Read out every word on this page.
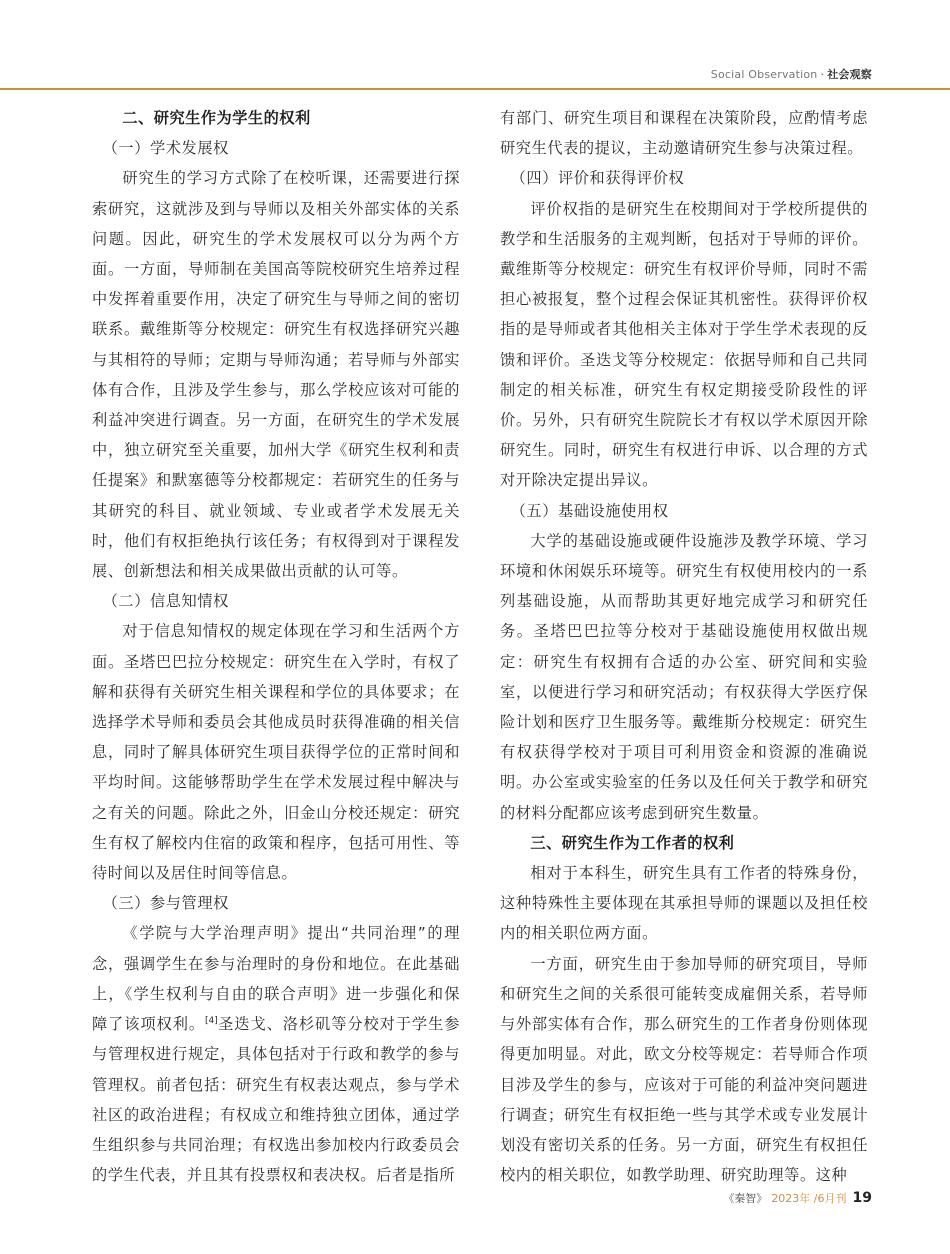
Social Observation · 社会观察

二、研究生作为学生的权利

（一）学术发展权

研究生的学习方式除了在校听课，还需要进行探索研究，这就涉及到与导师以及相关外部实体的关系问题。因此，研究生的学术发展权可以分为两个方面。一方面，导师制在美国高等院校研究生培养过程中发挥着重要作用，决定了研究生与导师之间的密切联系。戴维斯等分校规定：研究生有权选择研究兴趣与其相符的导师；定期与导师沟通；若导师与外部实体有合作，且涉及学生参与，那么学校应该对可能的利益冲突进行调查。另一方面，在研究生的学术发展中，独立研究至关重要，加州大学《研究生权利和责任提案》和默塞德等分校都规定：若研究生的任务与其研究的科目、就业领域、专业或者学术发展无关时，他们有权拒绝执行该任务；有权得到对于课程发展、创新想法和相关成果做出贡献的认可等。

（二）信息知情权

对于信息知情权的规定体现在学习和生活两个方面。圣塔巴巴拉分校规定：研究生在入学时，有权了解和获得有关研究生相关课程和学位的具体要求；在选择学术导师和委员会其他成员时获得准确的相关信息，同时了解具体研究生项目获得学位的正常时间和平均时间。这能够帮助学生在学术发展过程中解决与之有关的问题。除此之外，旧金山分校还规定：研究生有权了解校内住宿的政策和程序，包括可用性、等待时间以及居住时间等信息。

（三）参与管理权

《学院与大学治理声明》提出“共同治理”的理念，强调学生在参与治理时的身份和地位。在此基础上，《学生权利与自由的联合声明》进一步强化和保障了该项权利。[4]圣迭戈、洛杉矶等分校对于学生参与管理权进行规定，具体包括对于行政和教学的参与管理权。前者包括：研究生有权表达观点，参与学术社区的政治进程；有权成立和维持独立团体，通过学生组织参与共同治理；有权选出参加校内行政委员会的学生代表，并且其有投票权和表决权。后者是指所

有部门、研究生项目和课程在决策阶段，应酌情考虑研究生代表的提议，主动邀请研究生参与决策过程。

（四）评价和获得评价权

评价权指的是研究生在校期间对于学校所提供的教学和生活服务的主观判断，包括对于导师的评价。戴维斯等分校规定：研究生有权评价导师，同时不需担心被报复，整个过程会保证其机密性。获得评价权指的是导师或者其他相关主体对于学生学术表现的反馈和评价。圣迭戈等分校规定：依据导师和自己共同制定的相关标准，研究生有权定期接受阶段性的评价。另外，只有研究生院院长才有权以学术原因开除研究生。同时，研究生有权进行申诉、以合理的方式对开除决定提出异议。

（五）基础设施使用权

大学的基础设施或硬件设施涉及教学环境、学习环境和休闲娱乐环境等。研究生有权使用校内的一系列基础设施，从而帮助其更好地完成学习和研究任务。圣塔巴巴拉等分校对于基础设施使用权做出规定：研究生有权拥有合适的办公室、研究间和实验室，以便进行学习和研究活动；有权获得大学医疗保险计划和医疗卫生服务等。戴维斯分校规定：研究生有权获得学校对于项目可利用资金和资源的准确说明。办公室或实验室的任务以及任何关于教学和研究的材料分配都应该考虑到研究生数量。

三、研究生作为工作者的权利

相对于本科生，研究生具有工作者的特殊身份，这种特殊性主要体现在其承担导师的课题以及担任校内的相关职位两方面。

一方面，研究生由于参加导师的研究项目，导师和研究生之间的关系很可能转变成雇佣关系，若导师与外部实体有合作，那么研究生的工作者身份则体现得更加明显。对此，欧文分校等规定：若导师合作项目涉及学生的参与，应该对于可能的利益冲突问题进行调查；研究生有权拒绝一些与其学术或专业发展计划没有密切关系的任务。另一方面，研究生有权担任校内的相关职位，如教学助理、研究助理等。这种

《秦智》 2023年 /6月刊 19
